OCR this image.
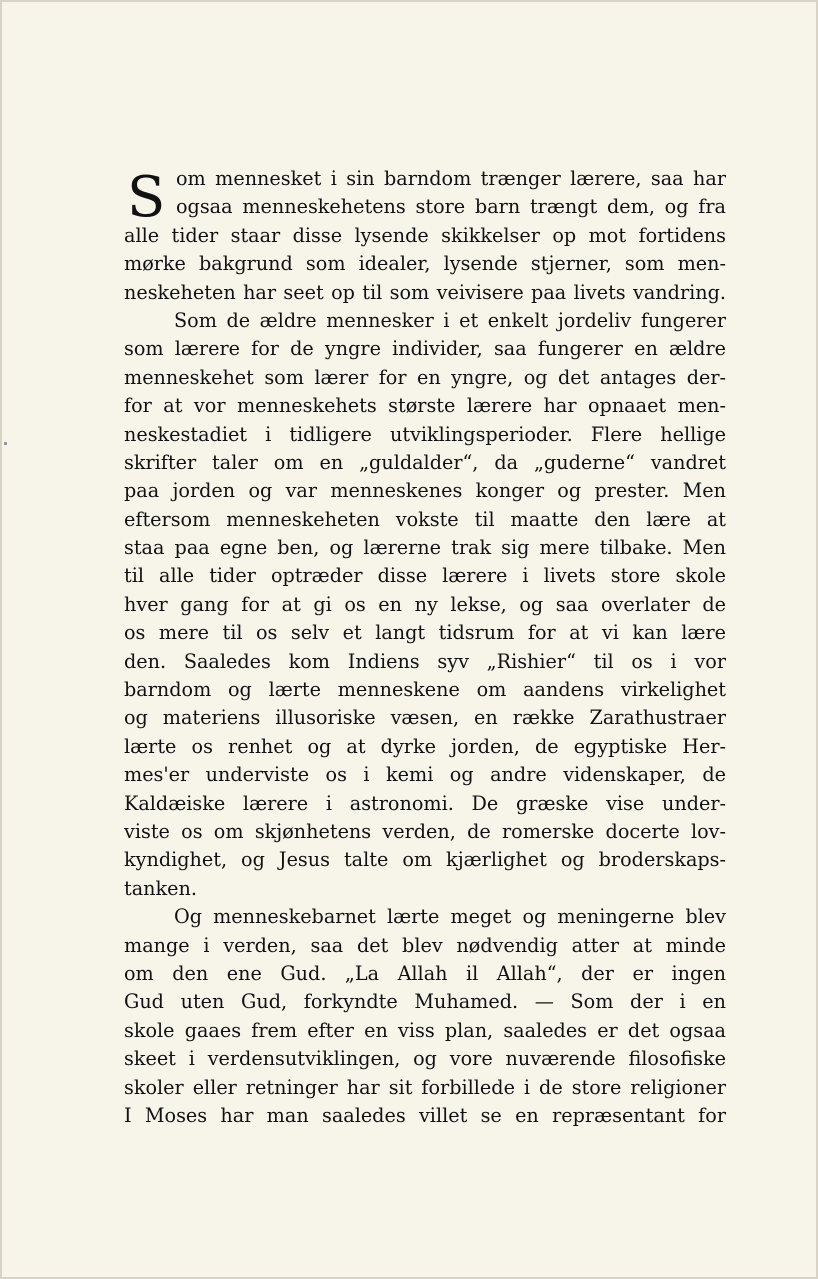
S om mennesket i sin barndom trænger lærere, saa har
ogsaa menneskehetens store barn trængt dem, og fra
alle tider staar disse lysende skikkelser op mot fortidens
mørke bakgrund som idealer, lysende stjerner, som men-
neskeheten har seet op til som veivisere paa livets vandring.
Som de ældre mennesker i et enkelt jordeliv fungerer
som lærere for de yngre individer, saa fungerer en ældre
menneskehet som lærer for en yngre, og det antages der-
for at vor menneskehets største lærere har opnaaet men-
neskestadiet i tidligere utviklingsperioder. Flere hellige
skrifter taler om en „guldalder“, da „guderne“ vandret
paa jorden og var menneskenes konger og prester. Men
eftersom menneskeheten vokste til maatte den lære at
staa paa egne ben, og lærerne trak sig mere tilbake. Men
til alle tider optræder disse lærere i livets store skole
hver gang for at gi os en ny lekse, og saa overlater de
os mere til os selv et langt tidsrum for at vi kan lære
den. Saaledes kom Indiens syv „Rishier“ til os i vor
barndom og lærte menneskene om aandens virkelighet
og materiens illusoriske væsen, en række Zarathustraer
lærte os renhet og at dyrke jorden, de egyptiske Her-
mes'er underviste os i kemi og andre videnskaper, de
Kaldæiske lærere i astronomi. De græske vise under-
viste os om skjønhetens verden, de romerske docerte lov-
kyndighet, og Jesus talte om kjærlighet og broderskaps-
tanken.
Og menneskebarnet lærte meget og meningerne blev
mange i verden, saa det blev nødvendig atter at minde
om den ene Gud. „La Allah il Allah“, der er ingen
Gud uten Gud, forkyndte Muhamed. — Som der i en
skole gaaes frem efter en viss plan, saaledes er det ogsaa
skeet i verdensutviklingen, og vore nuværende filosofiske
skoler eller retninger har sit forbillede i de store religioner
I Moses har man saaledes villet se en repræsentant for
